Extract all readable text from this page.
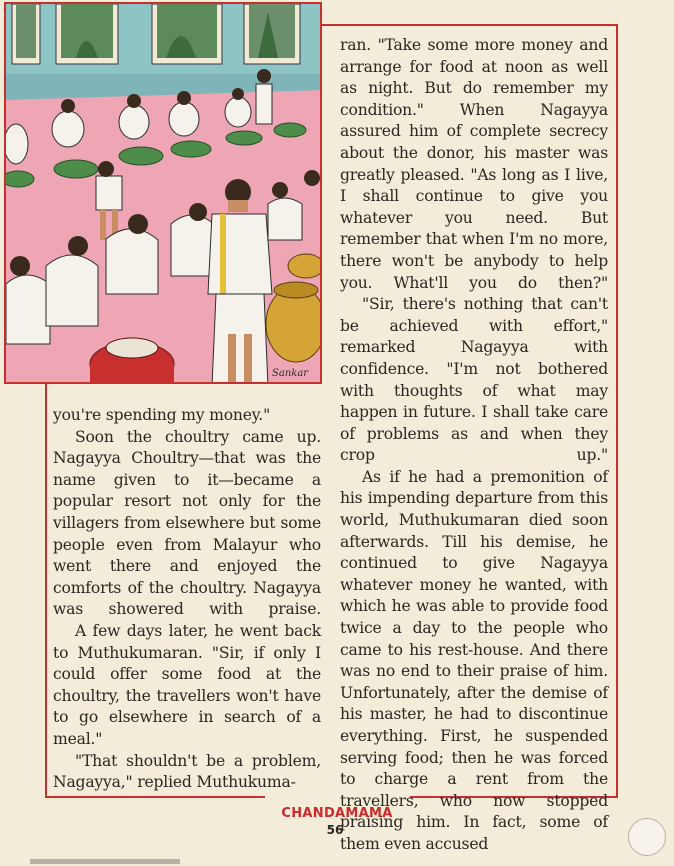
Sankar

ran. "Take some more money and arrange for food at noon as well as night. But do remember my condition." When Nagayya assured him of complete secrecy about the donor, his master was greatly pleased. "As long as I live, I shall continue to give you whatever you need. But remember that when I'm no more, there won't be anybody to help you. What'll you do then?"

"Sir, there's nothing that can't be achieved with effort," remarked Nagayya with confidence. "I'm not bothered with thoughts of what may happen in future. I shall take care of problems as and when they crop up."

As if he had a premonition of his impending departure from this world, Muthukumaran died soon afterwards. Till his demise, he continued to give Nagayya whatever money he wanted, with which he was able to provide food twice a day to the people who came to his rest-house. And there was no end to their praise of him. Unfortunately, after the demise of his master, he had to discontinue everything. First, he suspended serving food; then he was forced to charge a rent from the travellers, who now stopped praising him. In fact, some of them even accused

you're spending my money."

Soon the choultry came up. Nagayya Choultry—that was the name given to it—became a popular resort not only for the villagers from elsewhere but some people even from Malayur who went there and enjoyed the comforts of the choultry. Nagayya was showered with praise.

A few days later, he went back to Muthukumaran. "Sir, if only I could offer some food at the choultry, the travellers won't have to go elsewhere in search of a meal."

"That shouldn't be a problem, Nagayya," replied Muthukuma-

CHANDAMAMA
56
